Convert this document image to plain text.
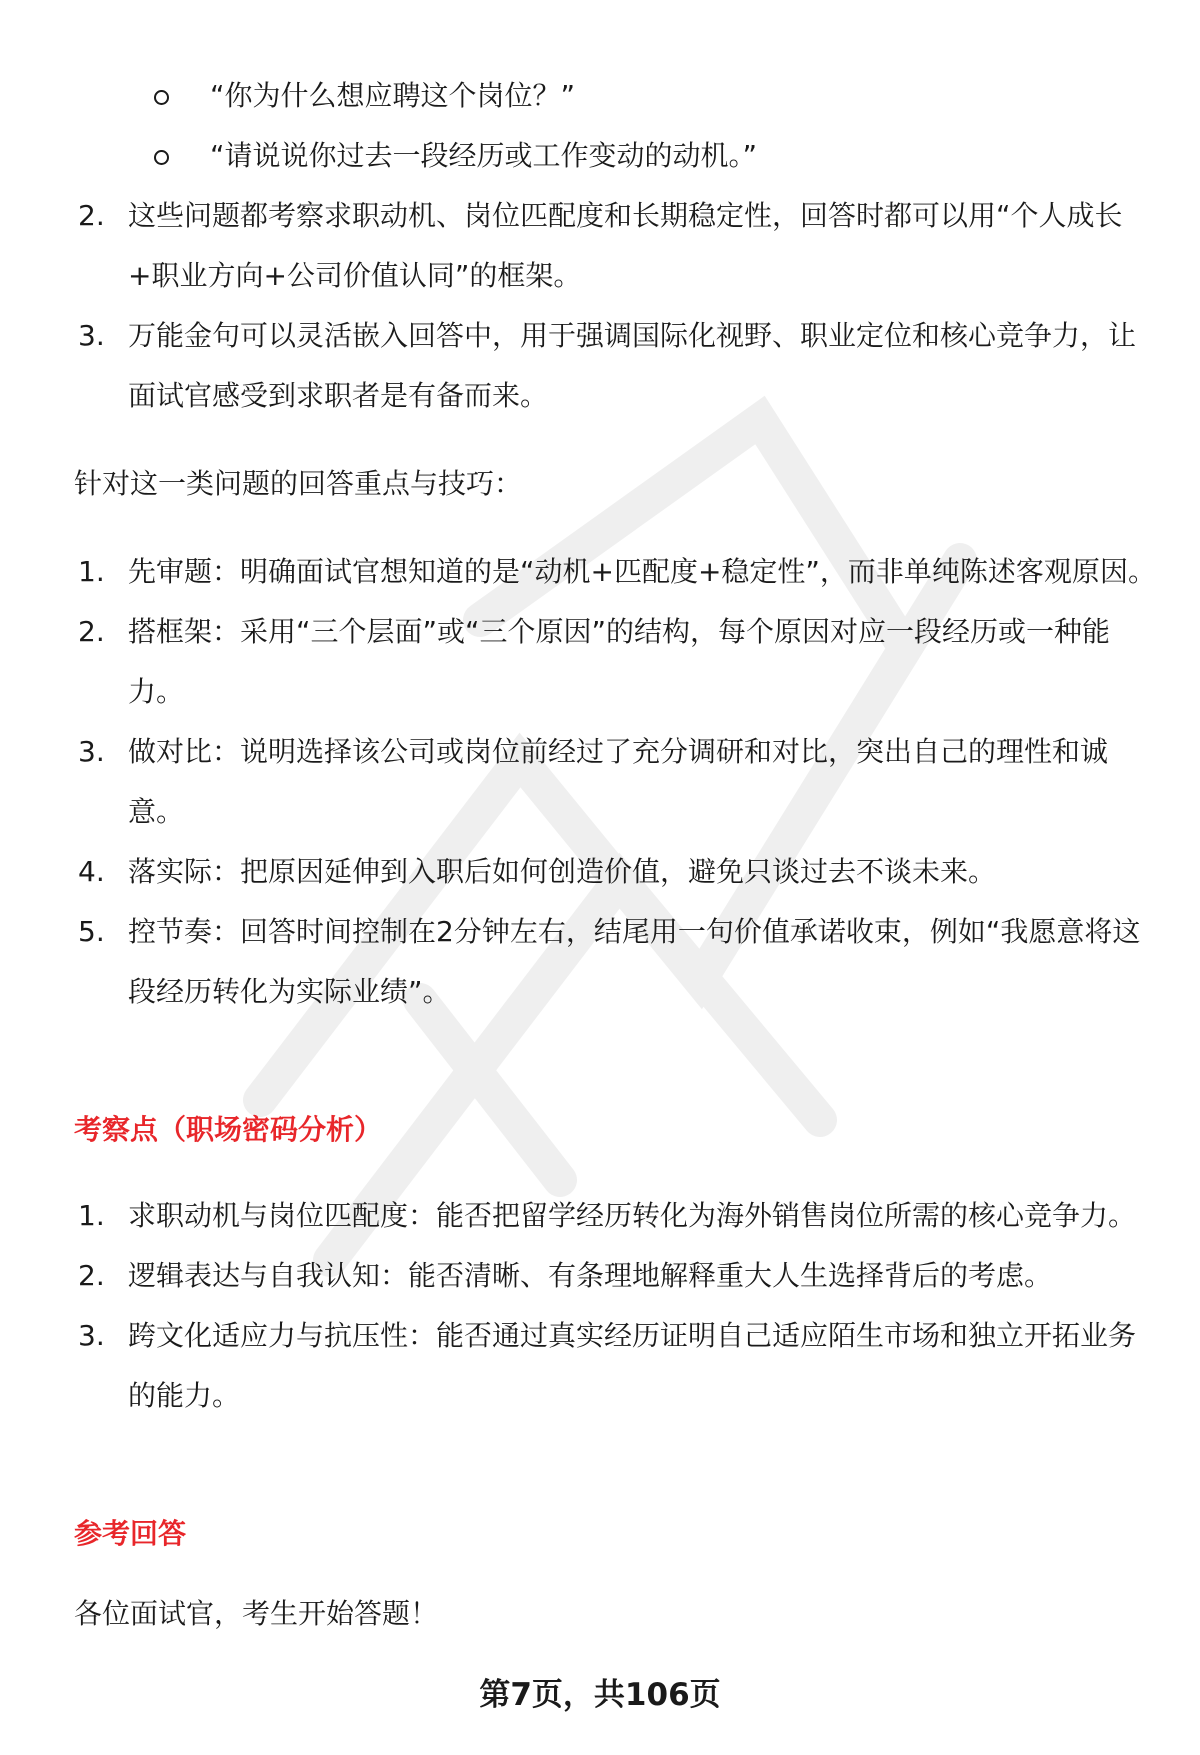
“你为什么想应聘这个岗位？”
“请说说你过去一段经历或工作变动的动机。”
2. 这些问题都考察求职动机、岗位匹配度和长期稳定性，回答时都可以用“个人成长+职业方向+公司价值认同”的框架。
3. 万能金句可以灵活嵌入回答中，用于强调国际化视野、职业定位和核心竞争力，让面试官感受到求职者是有备而来。
针对这一类问题的回答重点与技巧：
1. 先审题：明确面试官想知道的是“动机+匹配度+稳定性”，而非单纯陈述客观原因。
2. 搭框架：采用“三个层面”或“三个原因”的结构，每个原因对应一段经历或一种能力。
3. 做对比：说明选择该公司或岗位前经过了充分调研和对比，突出自己的理性和诚意。
4. 落实际：把原因延伸到入职后如何创造价值，避免只谈过去不谈未来。
5. 控节奏：回答时间控制在2分钟左右，结尾用一句价值承诺收束，例如“我愿意将这段经历转化为实际业绩”。
考察点（职场密码分析）
1. 求职动机与岗位匹配度：能否把留学经历转化为海外销售岗位所需的核心竞争力。
2. 逻辑表达与自我认知：能否清晰、有条理地解释重大人生选择背后的考虑。
3. 跨文化适应力与抗压性：能否通过真实经历证明自己适应陌生市场和独立开拓业务的能力。
参考回答
各位面试官，考生开始答题！
第7页，共106页
